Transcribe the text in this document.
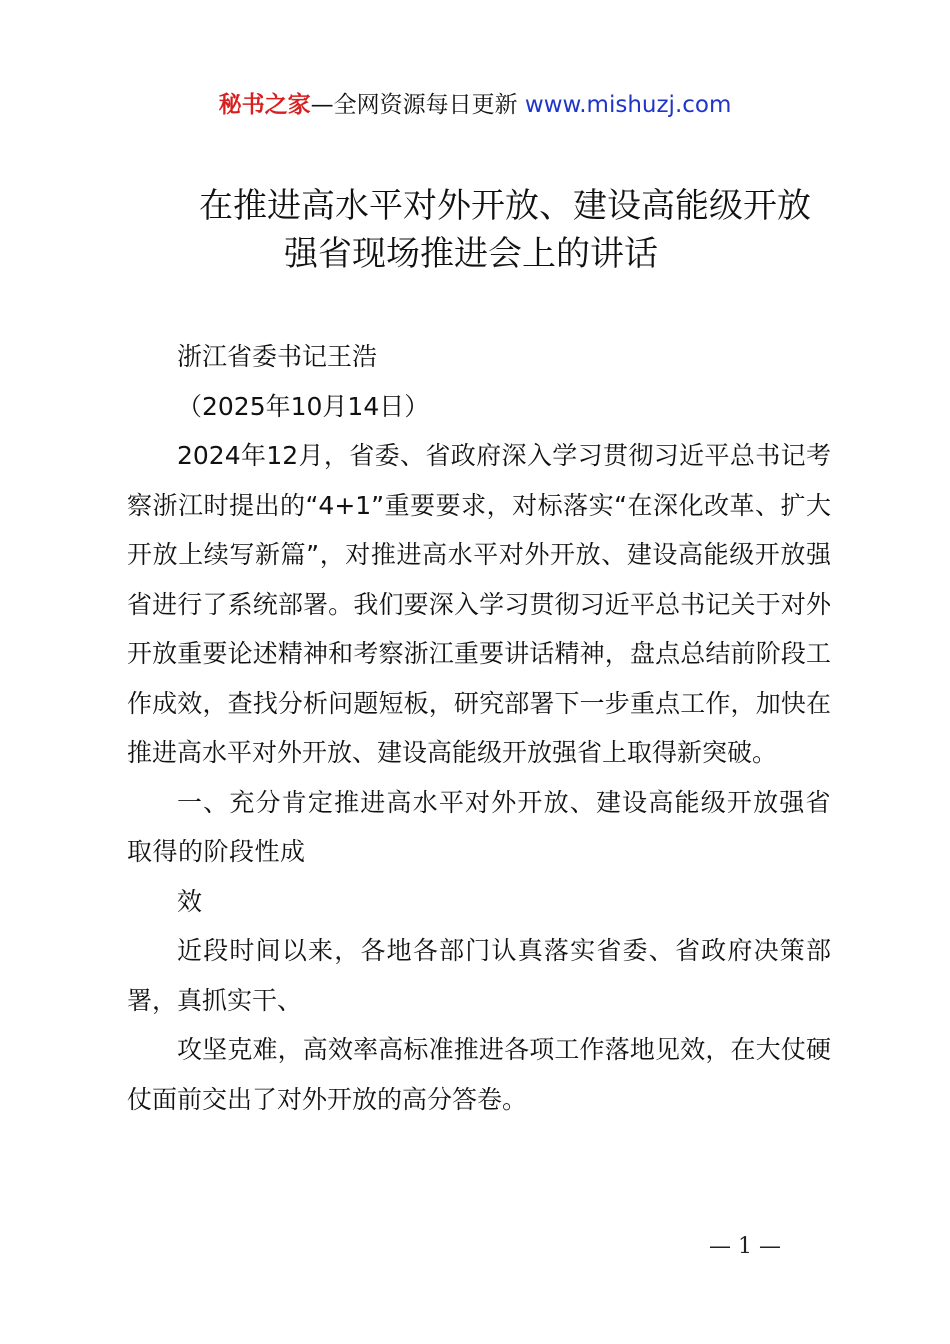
秘书之家—全网资源每日更新 www.mishuzj.com
在推进高水平对外开放、建设高能级开放
强省现场推进会上的讲话

浙江省委书记王浩

（2025年10月14日）

2024年12月，省委、省政府深入学习贯彻习近平总书记考察浙江时提出的“4+1”重要要求，对标落实“在深化改革、扩大开放上续写新篇”，对推进高水平对外开放、建设高能级开放强省进行了系统部署。我们要深入学习贯彻习近平总书记关于对外开放重要论述精神和考察浙江重要讲话精神，盘点总结前阶段工作成效，查找分析问题短板，研究部署下一步重点工作，加快在推进高水平对外开放、建设高能级开放强省上取得新突破。

一、充分肯定推进高水平对外开放、建设高能级开放强省取得的阶段性成

效

近段时间以来，各地各部门认真落实省委、省政府决策部署，真抓实干、

攻坚克难，高效率高标准推进各项工作落地见效，在大仗硬仗面前交出了对外开放的高分答卷。

— 1 —
